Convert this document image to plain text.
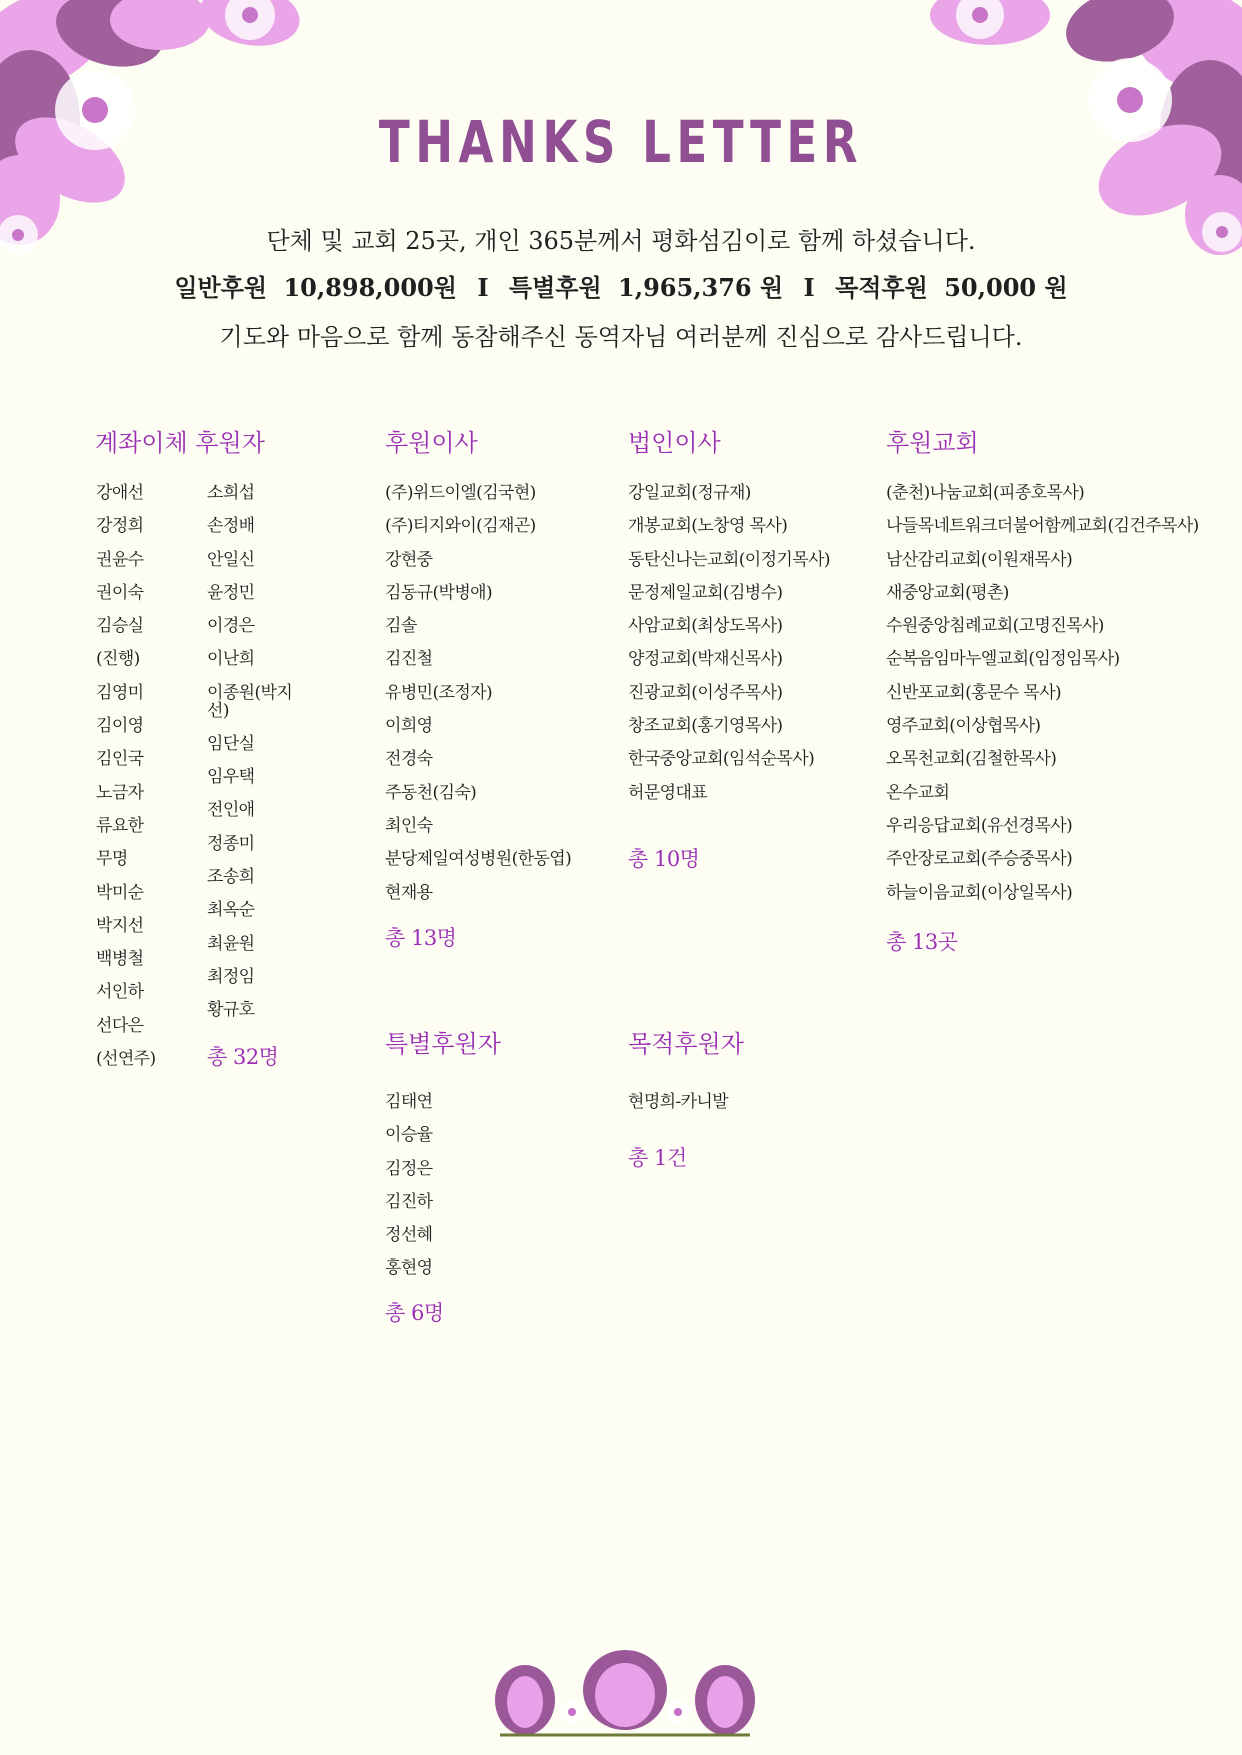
THANKS LETTER
단체 및 교회 25곳, 개인 365분께서 평화섬김이로 함께 하셨습니다.
일반후원 10,898,000원 I 특별후원 1,965,376 원 I 목적후원 50,000 원
기도와 마음으로 함께 동참해주신 동역자님 여러분께 진심으로 감사드립니다.
계좌이체 후원자
강애선
강정희
권윤수
권이숙
김승실
(진행)
김영미
김이영
김인국
노금자
류요한
무명
박미순
박지선
백병철
서인하
선다은
(선연주)
소희섭
손정배
안일신
윤정민
이경은
이난희
이종원(박지선)
임단실
임우택
전인애
정종미
조송희
최옥순
최윤원
최정임
황규호
총 32명
후원이사
(주)위드이엘(김국현)
(주)티지와이(김재곤)
강현중
김동규(박병애)
김솔
김진철
유병민(조정자)
이희영
전경숙
주동천(김숙)
최인숙
분당제일여성병원(한동엽)
현재용
총 13명
법인이사
강일교회(정규재)
개봉교회(노창영 목사)
동탄신나는교회(이정기목사)
문정제일교회(김병수)
사암교회(최상도목사)
양정교회(박재신목사)
진광교회(이성주목사)
창조교회(홍기영목사)
한국중앙교회(임석순목사)
허문영대표
총 10명
후원교회
(춘천)나눔교회(피종호목사)
나들목네트워크더불어함께교회(김건주목사)
남산감리교회(이원재목사)
새중앙교회(평촌)
수원중앙침례교회(고명진목사)
순복음임마누엘교회(임정임목사)
신반포교회(홍문수 목사)
영주교회(이상협목사)
오목천교회(김철한목사)
온수교회
우리응답교회(유선경목사)
주안장로교회(주승중목사)
하늘이음교회(이상일목사)
총 13곳
특별후원자
김태연
이승율
김정은
김진하
정선혜
홍현영
총 6명
목적후원자
현명희-카니발
총 1건
